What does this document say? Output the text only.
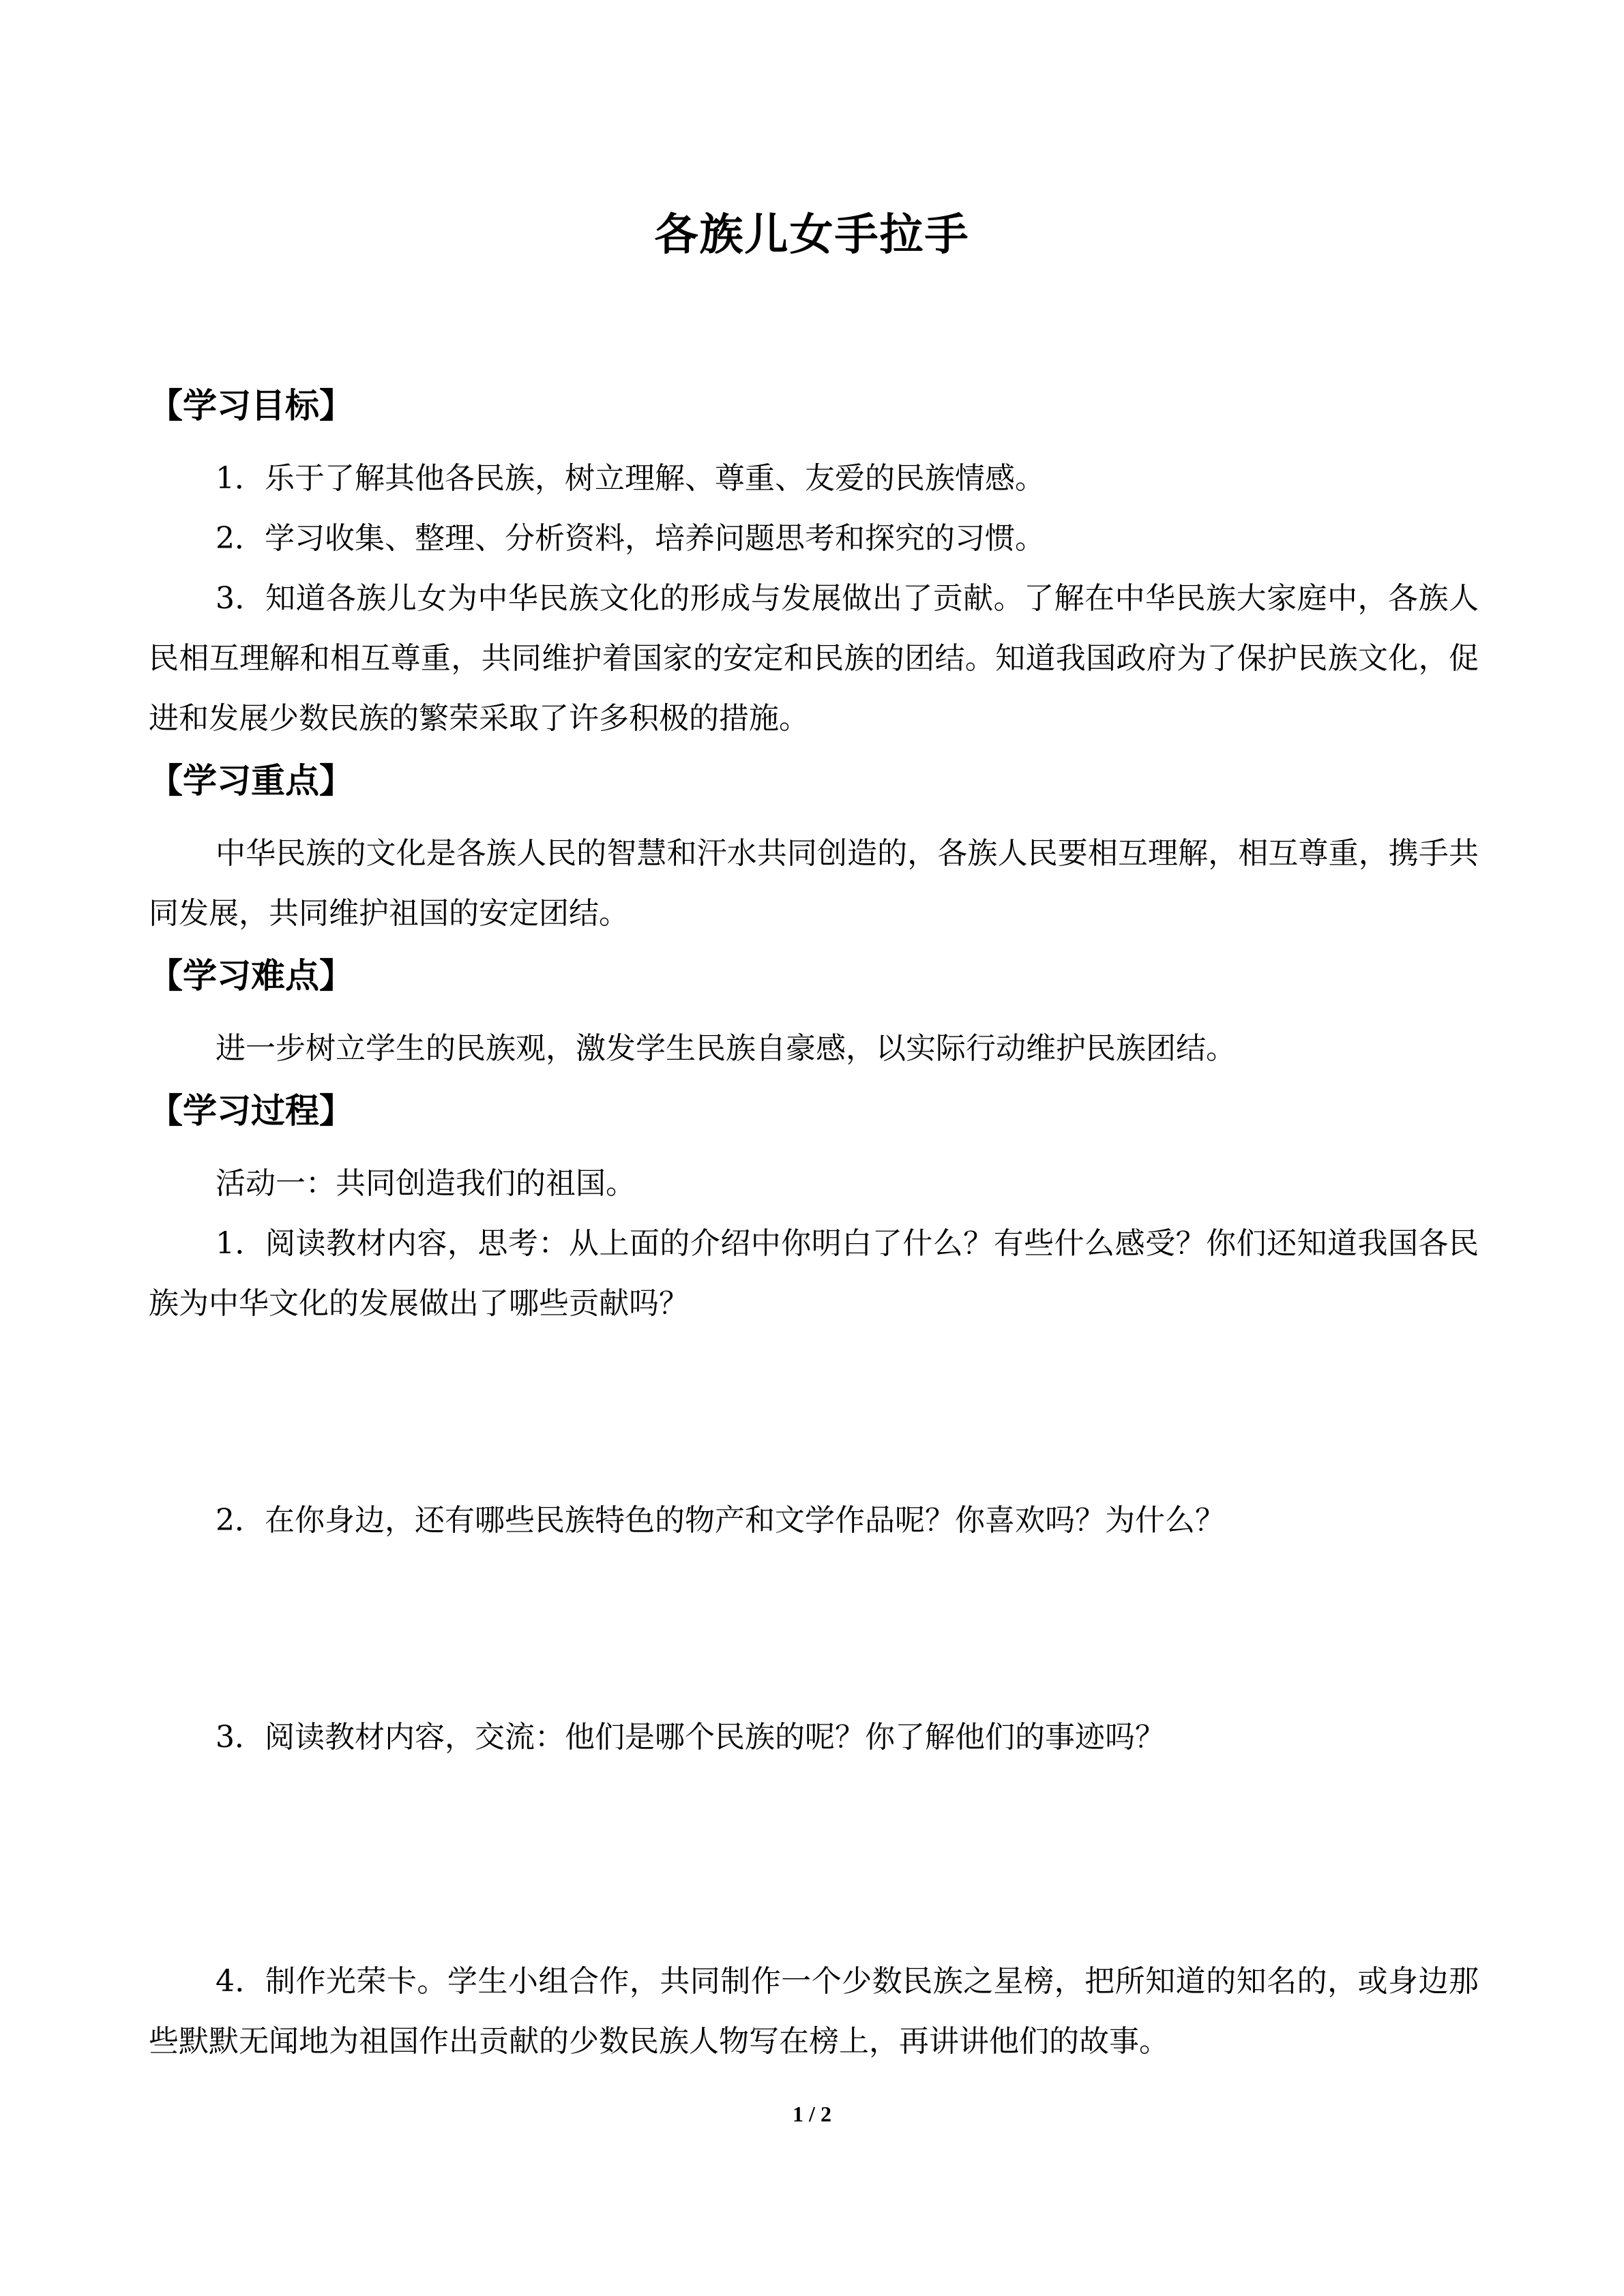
各族儿女手拉手
【学习目标】

1．乐于了解其他各民族，树立理解、尊重、友爱的民族情感。

2．学习收集、整理、分析资料，培养问题思考和探究的习惯。

3．知道各族儿女为中华民族文化的形成与发展做出了贡献。了解在中华民族大家庭中，各族人民相互理解和相互尊重，共同维护着国家的安定和民族的团结。知道我国政府为了保护民族文化，促进和发展少数民族的繁荣采取了许多积极的措施。

【学习重点】

中华民族的文化是各族人民的智慧和汗水共同创造的，各族人民要相互理解，相互尊重，携手共同发展，共同维护祖国的安定团结。

【学习难点】

进一步树立学生的民族观，激发学生民族自豪感，以实际行动维护民族团结。

【学习过程】

活动一：共同创造我们的祖国。

1．阅读教材内容，思考：从上面的介绍中你明白了什么？有些什么感受？你们还知道我国各民族为中华文化的发展做出了哪些贡献吗？

2．在你身边，还有哪些民族特色的物产和文学作品呢？你喜欢吗？为什么？

3．阅读教材内容，交流：他们是哪个民族的呢？你了解他们的事迹吗？

4．制作光荣卡。学生小组合作，共同制作一个少数民族之星榜，把所知道的知名的，或身边那些默默无闻地为祖国作出贡献的少数民族人物写在榜上，再讲讲他们的故事。

1 / 2
